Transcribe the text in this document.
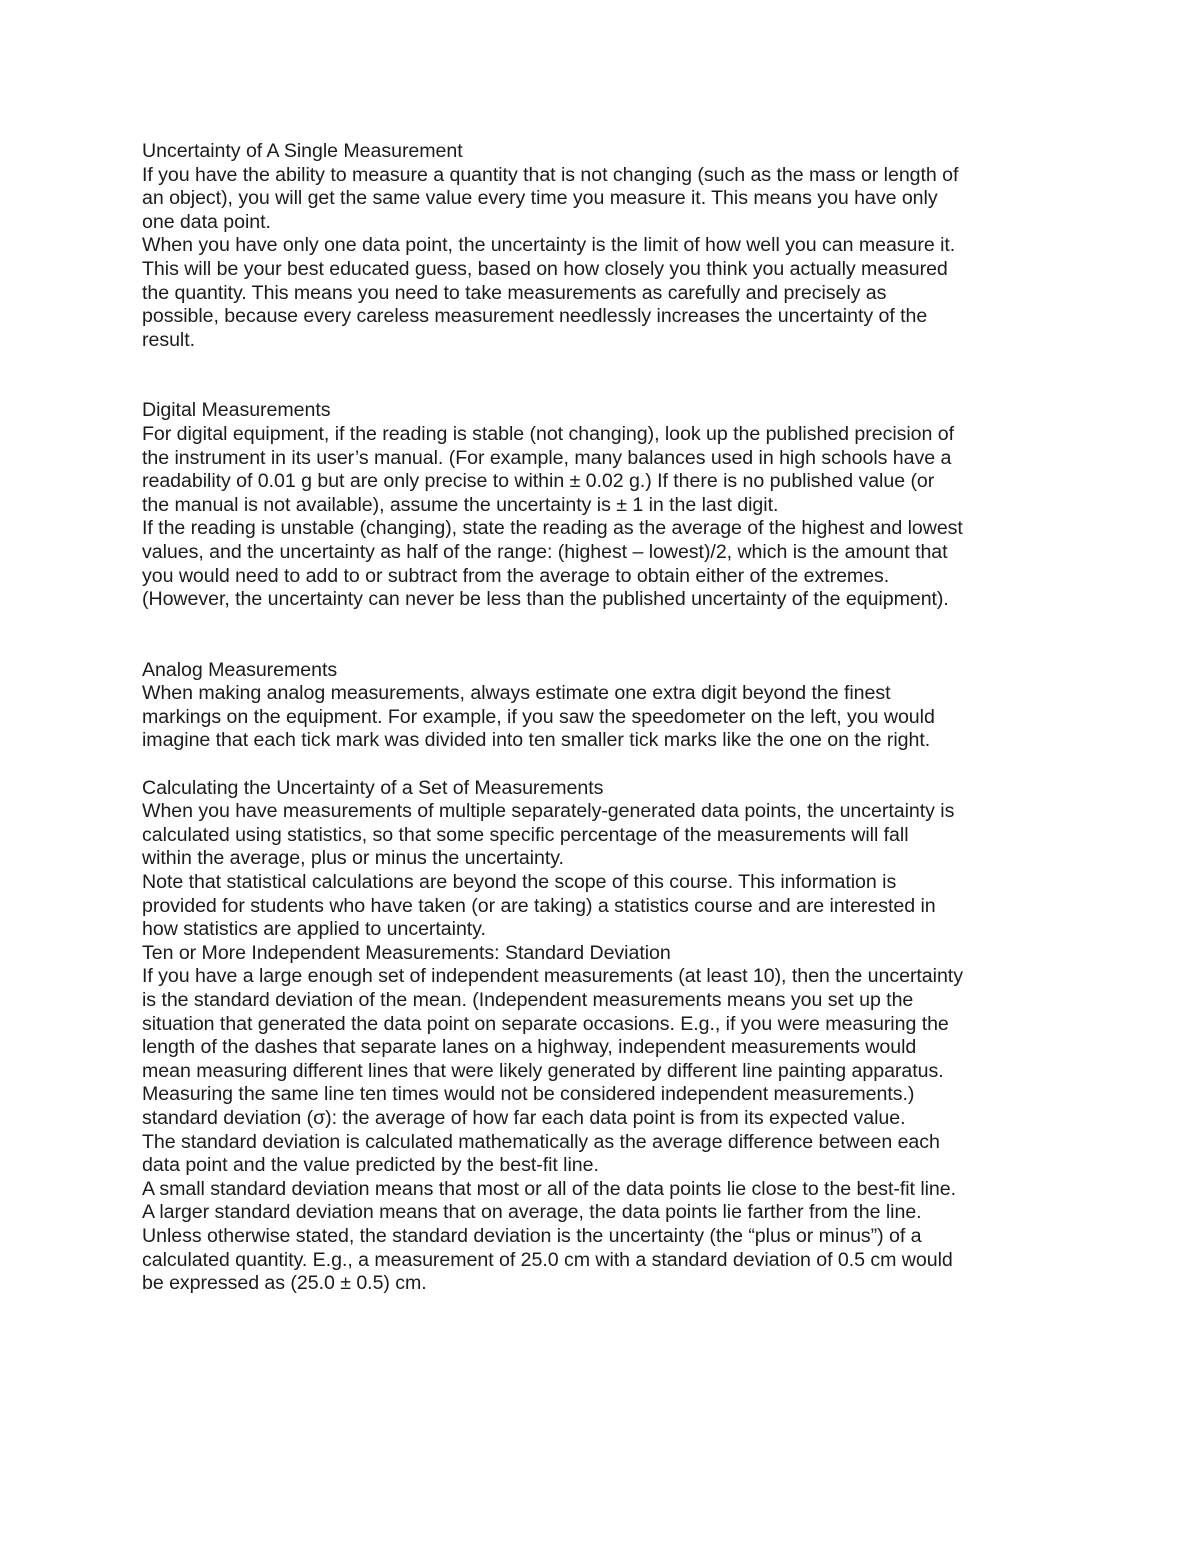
Uncertainty of A Single Measurement
If you have the ability to measure a quantity that is not changing (such as the mass or length of
an object), you will get the same value every time you measure it. This means you have only
one data point.
When you have only one data point, the uncertainty is the limit of how well you can measure it.
This will be your best educated guess, based on how closely you think you actually measured
the quantity. This means you need to take measurements as carefully and precisely as
possible, because every careless measurement needlessly increases the uncertainty of the
result.
Digital Measurements
For digital equipment, if the reading is stable (not changing), look up the published precision of
the instrument in its user’s manual. (For example, many balances used in high schools have a
readability of 0.01 g but are only precise to within ± 0.02 g.) If there is no published value (or
the manual is not available), assume the uncertainty is ± 1 in the last digit.
If the reading is unstable (changing), state the reading as the average of the highest and lowest
values, and the uncertainty as half of the range: (highest – lowest)/2, which is the amount that
you would need to add to or subtract from the average to obtain either of the extremes.
(However, the uncertainty can never be less than the published uncertainty of the equipment).
Analog Measurements
When making analog measurements, always estimate one extra digit beyond the finest
markings on the equipment. For example, if you saw the speedometer on the left, you would
imagine that each tick mark was divided into ten smaller tick marks like the one on the right.
Calculating the Uncertainty of a Set of Measurements
When you have measurements of multiple separately-generated data points, the uncertainty is
calculated using statistics, so that some specific percentage of the measurements will fall
within the average, plus or minus the uncertainty.
Note that statistical calculations are beyond the scope of this course. This information is
provided for students who have taken (or are taking) a statistics course and are interested in
how statistics are applied to uncertainty.
Ten or More Independent Measurements: Standard Deviation
If you have a large enough set of independent measurements (at least 10), then the uncertainty
is the standard deviation of the mean. (Independent measurements means you set up the
situation that generated the data point on separate occasions. E.g., if you were measuring the
length of the dashes that separate lanes on a highway, independent measurements would
mean measuring different lines that were likely generated by different line painting apparatus.
Measuring the same line ten times would not be considered independent measurements.)
standard deviation (σ): the average of how far each data point is from its expected value.
The standard deviation is calculated mathematically as the average difference between each
data point and the value predicted by the best-fit line.
A small standard deviation means that most or all of the data points lie close to the best-fit line.
A larger standard deviation means that on average, the data points lie farther from the line.
Unless otherwise stated, the standard deviation is the uncertainty (the “plus or minus”) of a
calculated quantity. E.g., a measurement of 25.0 cm with a standard deviation of 0.5 cm would
be expressed as (25.0 ± 0.5) cm.
